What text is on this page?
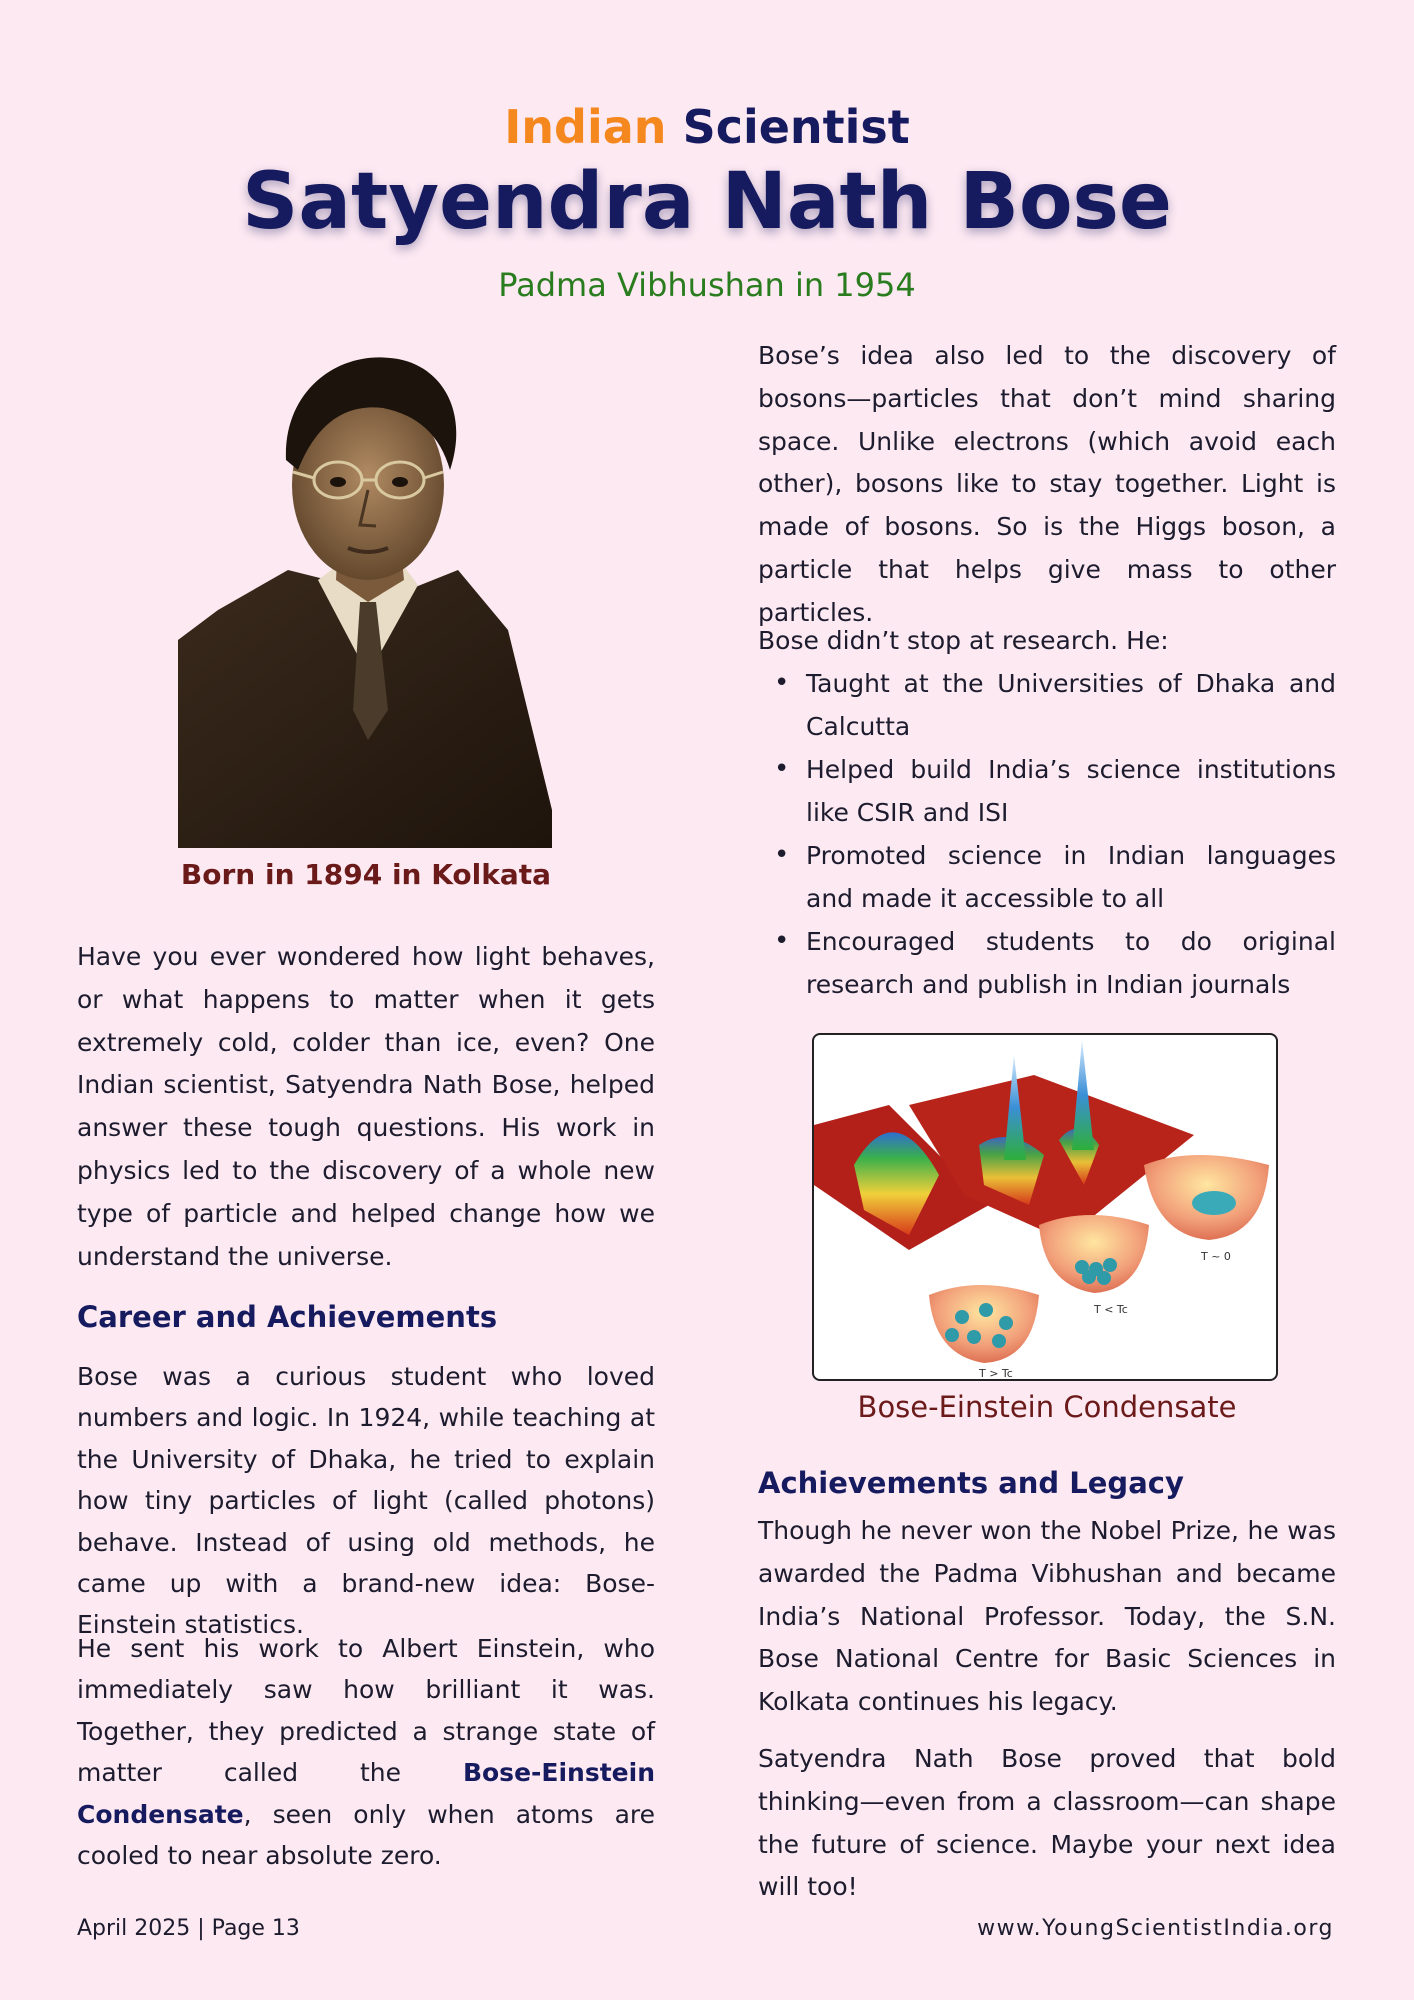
Indian Scientist
Satyendra Nath Bose
Padma Vibhushan in 1954
Born in 1894 in Kolkata

Have you ever wondered how light behaves, or what happens to matter when it gets extremely cold, colder than ice, even? One Indian scientist, Satyendra Nath Bose, helped answer these tough questions. His work in physics led to the discovery of a whole new type of particle and helped change how we understand the universe.

Career and Achievements

Bose was a curious student who loved numbers and logic. In 1924, while teaching at the University of Dhaka, he tried to explain how tiny particles of light (called photons) behave. Instead of using old methods, he came up with a brand-new idea: Bose-Einstein statistics.

He sent his work to Albert Einstein, who immediately saw how brilliant it was. Together, they predicted a strange state of matter called the Bose-Einstein Condensate, seen only when atoms are cooled to near absolute zero.

Bose’s idea also led to the discovery of bosons—particles that don’t mind sharing space. Unlike electrons (which avoid each other), bosons like to stay together. Light is made of bosons. So is the Higgs boson, a particle that helps give mass to other particles.

Bose didn’t stop at research. He:

• Taught at the Universities of Dhaka and Calcutta
• Helped build India’s science institutions like CSIR and ISI
• Promoted science in Indian languages and made it accessible to all
• Encouraged students to do original research and publish in Indian journals
T ~ 0
T < Tc
T > Tc
Bose-Einstein Condensate
Achievements and Legacy

Though he never won the Nobel Prize, he was awarded the Padma Vibhushan and became India’s National Professor. Today, the S.N. Bose National Centre for Basic Sciences in Kolkata continues his legacy.

Satyendra Nath Bose proved that bold thinking—even from a classroom—can shape the future of science. Maybe your next idea will too!

April 2025 | Page 13	www.YoungScientistIndia.org
